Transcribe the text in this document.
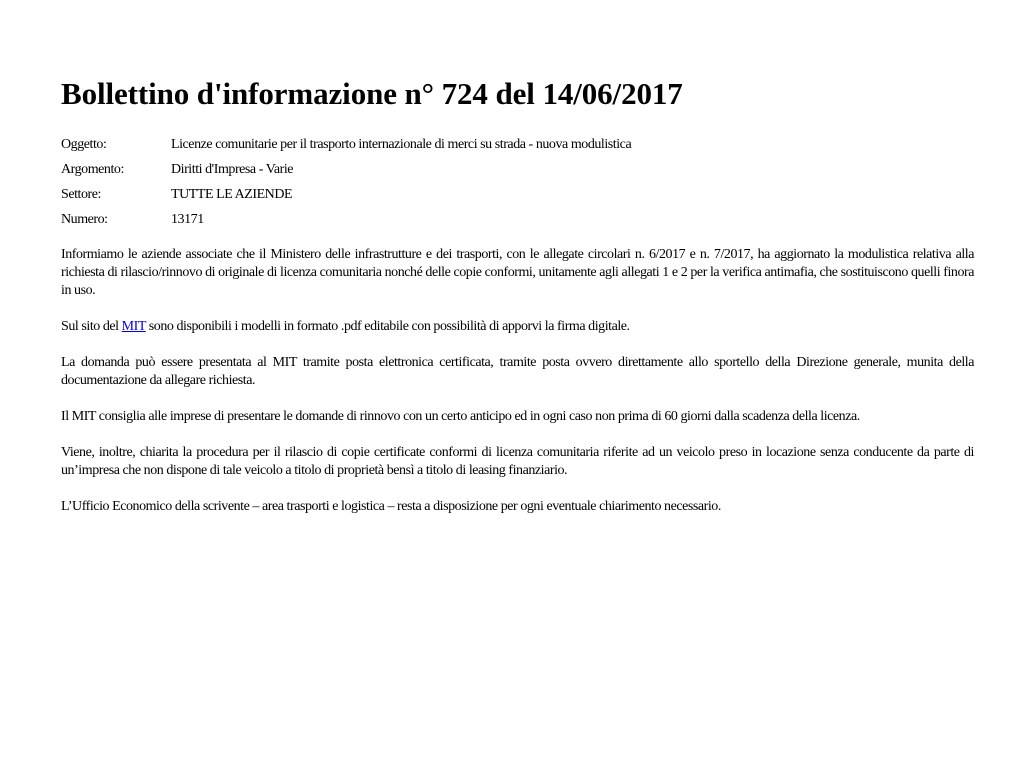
Bollettino d'informazione n° 724 del 14/06/2017
Oggetto:	Licenze comunitarie per il trasporto internazionale di merci su strada - nuova modulistica
Argomento:	Diritti d'Impresa - Varie
Settore:	TUTTE LE AZIENDE
Numero:	13171

Informiamo le aziende associate che il Ministero delle infrastrutture e dei trasporti, con le allegate circolari n. 6/2017 e n. 7/2017, ha aggiornato la modulistica relativa alla richiesta di rilascio/rinnovo di originale di licenza comunitaria nonché delle copie conformi, unitamente agli allegati 1 e 2 per la verifica antimafia, che sostituiscono quelli finora in uso.

Sul sito del MIT sono disponibili i modelli in formato .pdf editabile con possibilità di apporvi la firma digitale.

La domanda può essere presentata al MIT tramite posta elettronica certificata, tramite posta ovvero direttamente allo sportello della Direzione generale, munita della documentazione da allegare richiesta.

Il MIT consiglia alle imprese di presentare le domande di rinnovo con un certo anticipo ed in ogni caso non prima di 60 giorni dalla scadenza della licenza.

Viene, inoltre, chiarita la procedura per il rilascio di copie certificate conformi di licenza comunitaria riferite ad un veicolo preso in locazione senza conducente da parte di un’impresa che non dispone di tale veicolo a titolo di proprietà bensì a titolo di leasing finanziario.

L’Ufficio Economico della scrivente – area trasporti e logistica – resta a disposizione per ogni eventuale chiarimento necessario.
